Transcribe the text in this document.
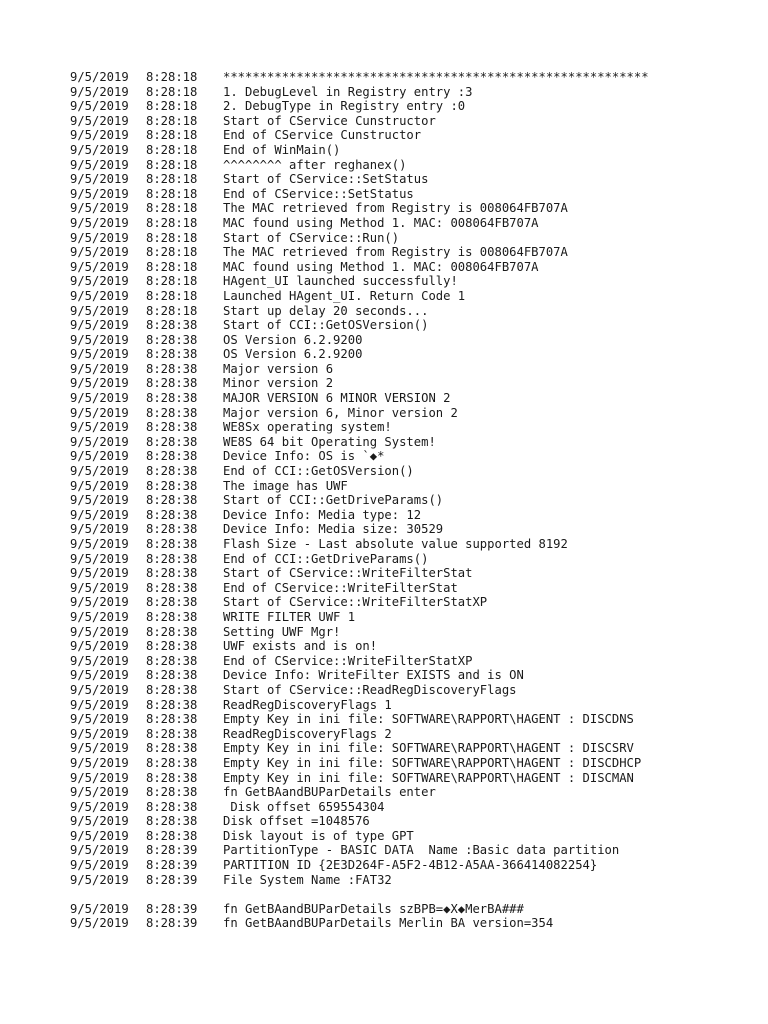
9/5/2019	8:28:18	**********************************************************
9/5/2019	8:28:18	1. DebugLevel in Registry entry :3
9/5/2019	8:28:18	2. DebugType in Registry entry :0
9/5/2019	8:28:18	Start of CService Cunstructor
9/5/2019	8:28:18	End of CService Cunstructor
9/5/2019	8:28:18	End of WinMain()
9/5/2019	8:28:18	^^^^^^^^ after reghanex()
9/5/2019	8:28:18	Start of CService::SetStatus
9/5/2019	8:28:18	End of CService::SetStatus
9/5/2019	8:28:18	The MAC retrieved from Registry is 008064FB707A
9/5/2019	8:28:18	MAC found using Method 1. MAC: 008064FB707A
9/5/2019	8:28:18	Start of CService::Run()
9/5/2019	8:28:18	The MAC retrieved from Registry is 008064FB707A
9/5/2019	8:28:18	MAC found using Method 1. MAC: 008064FB707A
9/5/2019	8:28:18	HAgent_UI launched successfully!
9/5/2019	8:28:18	Launched HAgent_UI. Return Code 1
9/5/2019	8:28:18	Start up delay 20 seconds...
9/5/2019	8:28:38	Start of CCI::GetOSVersion()
9/5/2019	8:28:38	OS Version 6.2.9200
9/5/2019	8:28:38	OS Version 6.2.9200
9/5/2019	8:28:38	Major version 6
9/5/2019	8:28:38	Minor version 2
9/5/2019	8:28:38	MAJOR VERSION 6 MINOR VERSION 2
9/5/2019	8:28:38	Major version 6, Minor version 2
9/5/2019	8:28:38	WE8Sx operating system!
9/5/2019	8:28:38	WE8S 64 bit Operating System!
9/5/2019	8:28:38	Device Info: OS is `◆*
9/5/2019	8:28:38	End of CCI::GetOSVersion()
9/5/2019	8:28:38	The image has UWF
9/5/2019	8:28:38	Start of CCI::GetDriveParams()
9/5/2019	8:28:38	Device Info: Media type: 12
9/5/2019	8:28:38	Device Info: Media size: 30529
9/5/2019	8:28:38	Flash Size - Last absolute value supported 8192
9/5/2019	8:28:38	End of CCI::GetDriveParams()
9/5/2019	8:28:38	Start of CService::WriteFilterStat
9/5/2019	8:28:38	End of CService::WriteFilterStat
9/5/2019	8:28:38	Start of CService::WriteFilterStatXP
9/5/2019	8:28:38	WRITE FILTER UWF 1
9/5/2019	8:28:38	Setting UWF Mgr!
9/5/2019	8:28:38	UWF exists and is on!
9/5/2019	8:28:38	End of CService::WriteFilterStatXP
9/5/2019	8:28:38	Device Info: WriteFilter EXISTS and is ON
9/5/2019	8:28:38	Start of CService::ReadRegDiscoveryFlags
9/5/2019	8:28:38	ReadRegDiscoveryFlags 1
9/5/2019	8:28:38	Empty Key in ini file: SOFTWARE\RAPPORT\HAGENT : DISCDNS
9/5/2019	8:28:38	ReadRegDiscoveryFlags 2
9/5/2019	8:28:38	Empty Key in ini file: SOFTWARE\RAPPORT\HAGENT : DISCSRV
9/5/2019	8:28:38	Empty Key in ini file: SOFTWARE\RAPPORT\HAGENT : DISCDHCP
9/5/2019	8:28:38	Empty Key in ini file: SOFTWARE\RAPPORT\HAGENT : DISCMAN
9/5/2019	8:28:38	fn GetBAandBUParDetails enter
9/5/2019	8:28:38	Disk offset 659554304
9/5/2019	8:28:38	Disk offset =1048576
9/5/2019	8:28:38	Disk layout is of type GPT
9/5/2019	8:28:39	PartitionType - BASIC DATA  Name :Basic data partition
9/5/2019	8:28:39	PARTITION ID {2E3D264F-A5F2-4B12-A5AA-366414082254}
9/5/2019	8:28:39	File System Name :FAT32
9/5/2019	8:28:39	fn GetBAandBUParDetails szBPB=◆X◆MerBA###
9/5/2019	8:28:39	fn GetBAandBUParDetails Merlin BA version=354
